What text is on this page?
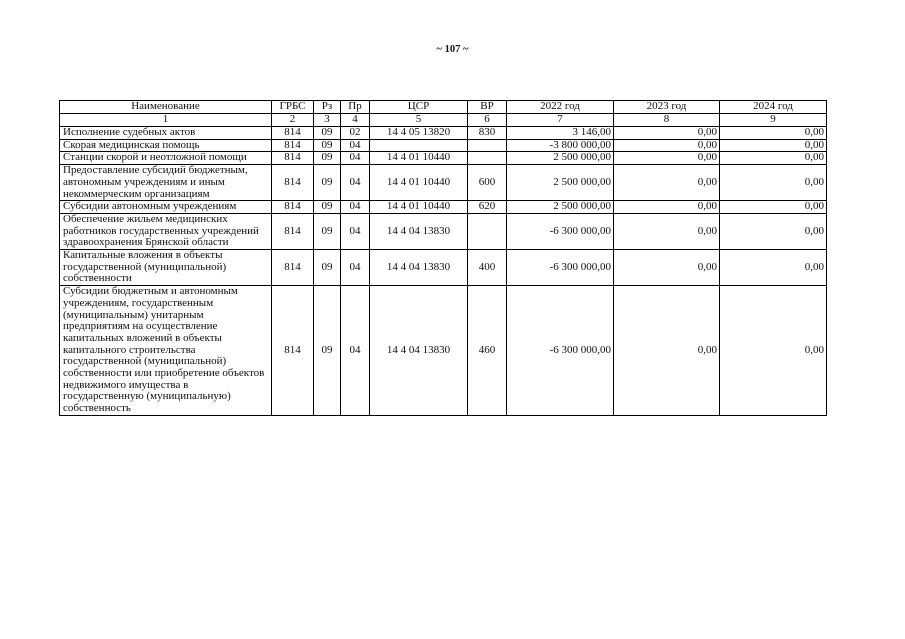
~ 107 ~
Наименование	ГРБС	Рз	Пр	ЦСР	ВР	2022 год	2023 год	2024 год
1	2	3	4	5	6	7	8	9
Исполнение судебных актов	814	09	02	14 4 05 13820	830	3 146,00	0,00	0,00
Скорая медицинская помощь	814	09	04			-3 800 000,00	0,00	0,00
Станции скорой и неотложной помощи	814	09	04	14 4 01 10440		2 500 000,00	0,00	0,00
Предоставление субсидий бюджетным, автономным учреждениям и иным некоммерческим организациям	814	09	04	14 4 01 10440	600	2 500 000,00	0,00	0,00
Субсидии автономным учреждениям	814	09	04	14 4 01 10440	620	2 500 000,00	0,00	0,00
Обеспечение жильем медицинских работников государственных учреждений здравоохранения Брянской области	814	09	04	14 4 04 13830		-6 300 000,00	0,00	0,00
Капитальные вложения в объекты государственной (муниципальной) собственности	814	09	04	14 4 04 13830	400	-6 300 000,00	0,00	0,00
Субсидии бюджетным и автономным учреждениям, государственным (муниципальным) унитарным предприятиям на осуществление капитальных вложений в объекты капитального строительства государственной (муниципальной) собственности или приобретение объектов недвижимого имущества в государственную (муниципальную) собственность	814	09	04	14 4 04 13830	460	-6 300 000,00	0,00	0,00
